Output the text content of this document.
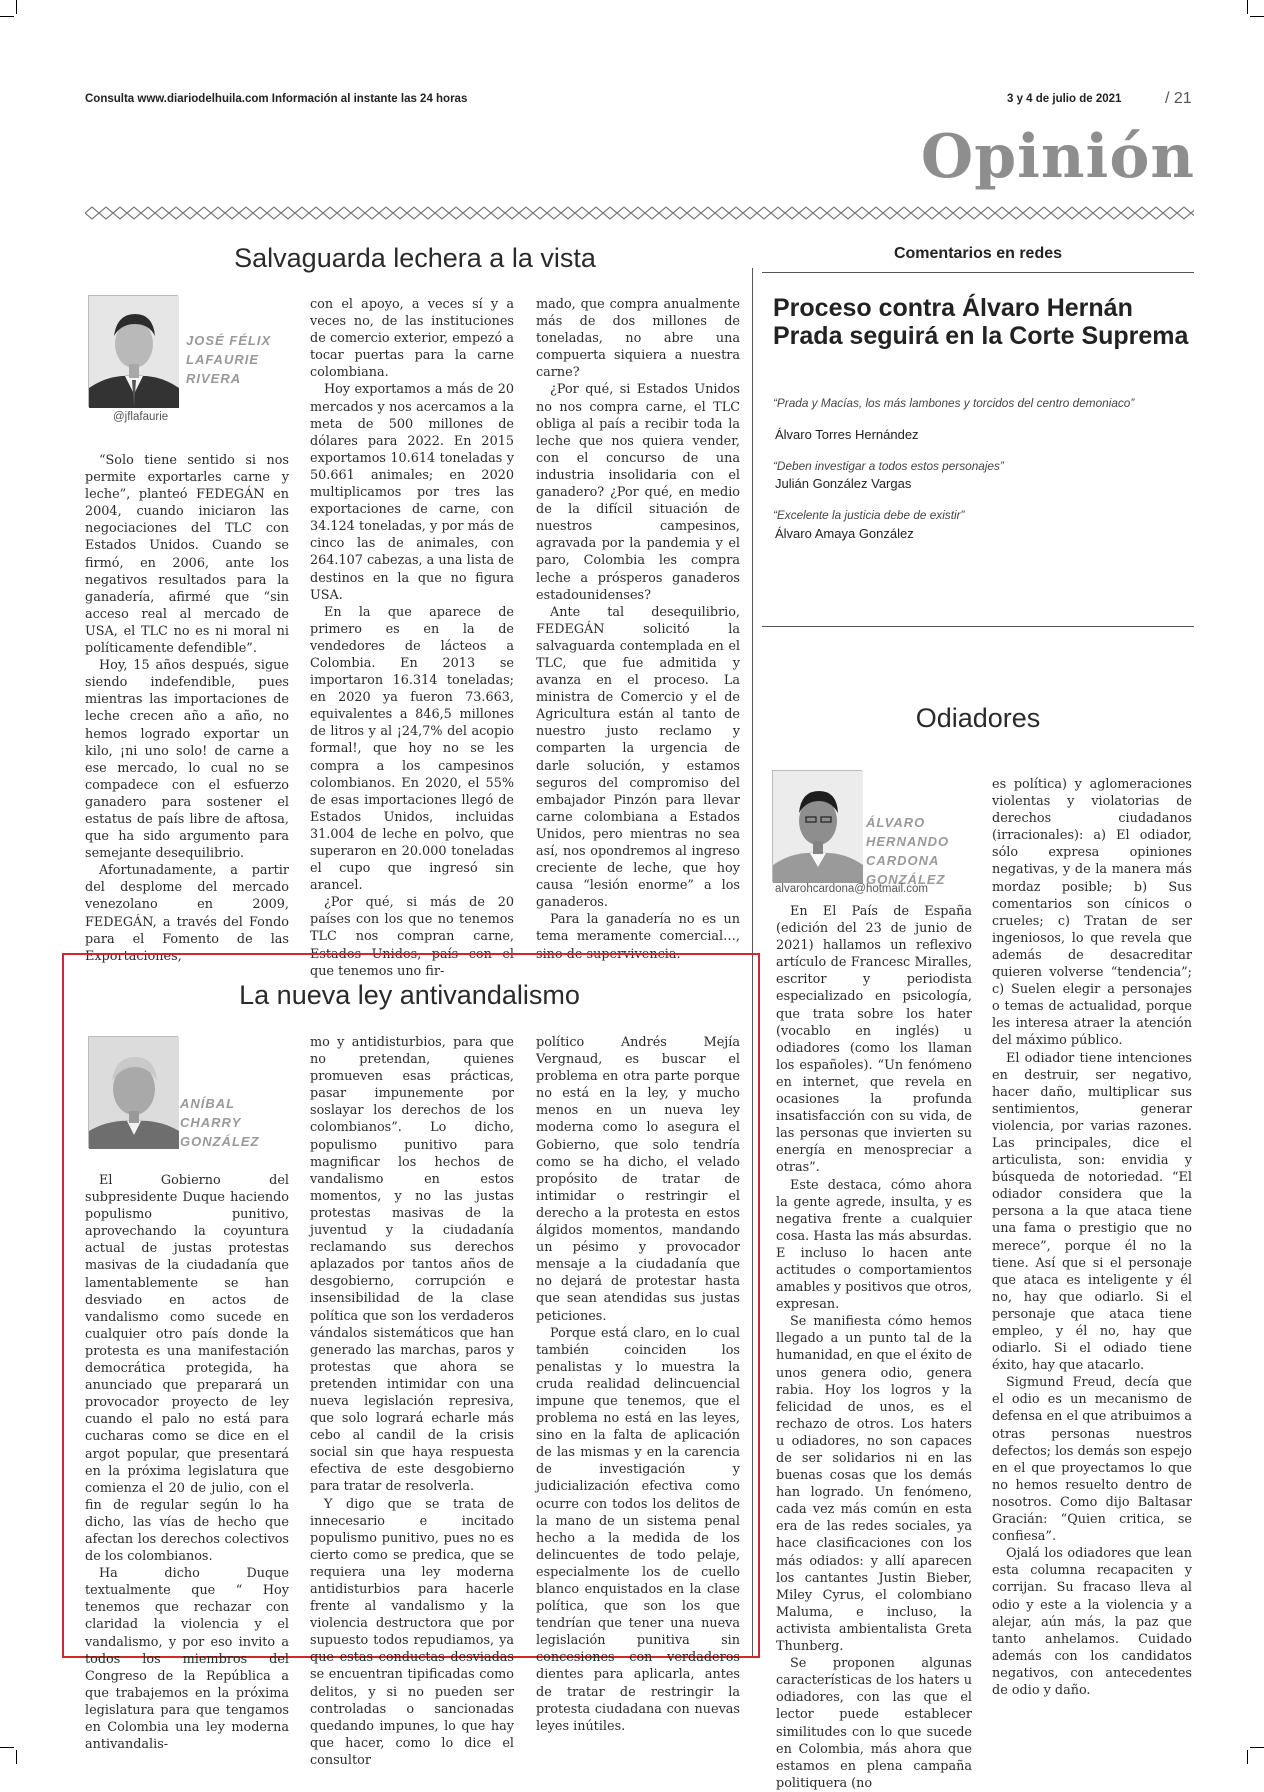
Consulta www.diariodelhuila.com Información al instante las 24 horas	3 y 4 de julio de 2021	/ 21
Opinión
Salvaguarda lechera a la vista
JOSÉ FÉLIX
LAFAURIE
RIVERA
@jflafaurie

“Solo tiene sentido si nos permite exportarles carne y leche”, planteó FEDEGÁN en 2004, cuando iniciaron las negociaciones del TLC con Estados Unidos. Cuando se firmó, en 2006, ante los negativos resultados para la ganadería, afirmé que “sin acceso real al mercado de USA, el TLC no es ni moral ni políticamente defendible”.

Hoy, 15 años después, sigue siendo indefendible, pues mientras las importaciones de leche crecen año a año, no hemos logrado exportar un kilo, ¡ni uno solo! de carne a ese mercado, lo cual no se compadece con el esfuerzo ganadero para sostener el estatus de país libre de aftosa, que ha sido argumento para semejante desequilibrio.

Afortunadamente, a partir del desplome del mercado venezolano en 2009, FEDEGÁN, a través del Fondo para el Fomento de las Exportaciones,

con el apoyo, a veces sí y a veces no, de las instituciones de comercio exterior, empezó a tocar puertas para la carne colombiana.

Hoy exportamos a más de 20 mercados y nos acercamos a la meta de 500 millones de dólares para 2022. En 2015 exportamos 10.614 toneladas y 50.661 animales; en 2020 multiplicamos por tres las exportaciones de carne, con 34.124 toneladas, y por más de cinco las de animales, con 264.107 cabezas, a una lista de destinos en la que no figura USA.

En la que aparece de primero es en la de vendedores de lácteos a Colombia. En 2013 se importaron 16.314 toneladas; en 2020 ya fueron 73.663, equivalentes a 846,5 millones de litros y al ¡24,7% del acopio formal!, que hoy no se les compra a los campesinos colombianos. En 2020, el 55% de esas importaciones llegó de Estados Unidos, incluidas 31.004 de leche en polvo, que superaron en 20.000 toneladas el cupo que ingresó sin arancel.

¿Por qué, si más de 20 países con los que no tenemos TLC nos compran carne, Estados Unidos, país con el que tenemos uno fir-

mado, que compra anualmente más de dos millones de toneladas, no abre una compuerta siquiera a nuestra carne?

¿Por qué, si Estados Unidos no nos compra carne, el TLC obliga al país a recibir toda la leche que nos quiera vender, con el concurso de una industria insolidaria con el ganadero? ¿Por qué, en medio de la difícil situación de nuestros campesinos, agravada por la pandemia y el paro, Colombia les compra leche a prósperos ganaderos estadounidenses?

Ante tal desequilibrio, FEDEGÁN solicitó la salvaguarda contemplada en el TLC, que fue admitida y avanza en el proceso. La ministra de Comercio y el de Agricultura están al tanto de nuestro justo reclamo y comparten la urgencia de darle solución, y estamos seguros del compromiso del embajador Pinzón para llevar carne colombiana a Estados Unidos, pero mientras no sea así, nos opondremos al ingreso creciente de leche, que hoy causa “lesión enorme” a los ganaderos.

Para la ganadería no es un tema meramente comercial…, sino de supervivencia.

Comentarios en redes
Proceso contra Álvaro Hernán Prada seguirá en la Corte Suprema
“Prada y Macías, los más lambones y torcidos del centro demoniaco”
Álvaro Torres Hernández
“Deben investigar a todos estos personajes”
Julián González Vargas
“Excelente la justicia debe de existir”
Álvaro Amaya González
Odiadores
ÁLVARO
HERNANDO
CARDONA
GONZÁLEZ
alvarohcardona@hotmail.com

En El País de España (edición del 23 de junio de 2021) hallamos un reflexivo artículo de Francesc Miralles, escritor y periodista especializado en psicología, que trata sobre los hater (vocablo en inglés) u odiadores (como los llaman los españoles). “Un fenómeno en internet, que revela en ocasiones la profunda insatisfacción con su vida, de las personas que invierten su energía en menospreciar a otras”.

Este destaca, cómo ahora la gente agrede, insulta, y es negativa frente a cualquier cosa. Hasta las más absurdas. E incluso lo hacen ante actitudes o comportamientos amables y positivos que otros, expresan.

Se manifiesta cómo hemos llegado a un punto tal de la humanidad, en que el éxito de unos genera odio, genera rabia. Hoy los logros y la felicidad de unos, es el rechazo de otros. Los haters u odiadores, no son capaces de ser solidarios ni en las buenas cosas que los demás han logrado. Un fenómeno, cada vez más común en esta era de las redes sociales, ya hace clasificaciones con los más odiados: y allí aparecen los cantantes Justin Bieber, Miley Cyrus, el colombiano Maluma, e incluso, la activista ambientalista Greta Thunberg.

Se proponen algunas características de los haters u odiadores, con las que el lector puede establecer similitudes con lo que sucede en Colombia, más ahora que estamos en plena campaña politiquera (no

es política) y aglomeraciones violentas y violatorias de derechos ciudadanos (irracionales): a) El odiador, sólo expresa opiniones negativas, y de la manera más mordaz posible; b) Sus comentarios son cínicos o crueles; c) Tratan de ser ingeniosos, lo que revela que además de desacreditar quieren volverse “tendencia”; c) Suelen elegir a personajes o temas de actualidad, porque les interesa atraer la atención del máximo público.

El odiador tiene intenciones en destruir, ser negativo, hacer daño, multiplicar sus sentimientos, generar violencia, por varias razones. Las principales, dice el articulista, son: envidia y búsqueda de notoriedad. “El odiador considera que la persona a la que ataca tiene una fama o prestigio que no merece”, porque él no la tiene. Así que si el personaje que ataca es inteligente y él no, hay que odiarlo. Si el personaje que ataca tiene empleo, y él no, hay que odiarlo. Si el odiado tiene éxito, hay que atacarlo.

Sigmund Freud, decía que el odio es un mecanismo de defensa en el que atribuimos a otras personas nuestros defectos; los demás son espejo en el que proyectamos lo que no hemos resuelto dentro de nosotros. Como dijo Baltasar Gracián: “Quien critica, se confiesa”.

Ojalá los odiadores que lean esta columna recapaciten y corrijan. Su fracaso lleva al odio y este a la violencia y a alejar, aún más, la paz que tanto anhelamos. Cuidado además con los candidatos negativos, con antecedentes de odio y daño.

La nueva ley antivandalismo
ANÍBAL
CHARRY
GONZÁLEZ

El Gobierno del subpresidente Duque haciendo populismo punitivo, aprovechando la coyuntura actual de justas protestas masivas de la ciudadanía que lamentablemente se han desviado en actos de vandalismo como sucede en cualquier otro país donde la protesta es una manifestación democrática protegida, ha anunciado que preparará un provocador proyecto de ley cuando el palo no está para cucharas como se dice en el argot popular, que presentará en la próxima legislatura que comienza el 20 de julio, con el fin de regular según lo ha dicho, las vías de hecho que afectan los derechos colectivos de los colombianos.

Ha dicho Duque textualmente que “ Hoy tenemos que rechazar con claridad la violencia y el vandalismo, y por eso invito a todos los miembros del Congreso de la República a que trabajemos en la próxima legislatura para que tengamos en Colombia una ley moderna antivandalis-

mo y antidisturbios, para que no pretendan, quienes promueven esas prácticas, pasar impunemente por soslayar los derechos de los colombianos”. Lo dicho, populismo punitivo para magnificar los hechos de vandalismo en estos momentos, y no las justas protestas masivas de la juventud y la ciudadanía reclamando sus derechos aplazados por tantos años de desgobierno, corrupción e insensibilidad de la clase política que son los verdaderos vándalos sistemáticos que han generado las marchas, paros y protestas que ahora se pretenden intimidar con una nueva legislación represiva, que solo logrará echarle más cebo al candil de la crisis social sin que haya respuesta efectiva de este desgobierno para tratar de resolverla.

Y digo que se trata de innecesario e incitado populismo punitivo, pues no es cierto como se predica, que se requiera una ley moderna antidisturbios para hacerle frente al vandalismo y la violencia destructora que por supuesto todos repudiamos, ya que estas conductas desviadas se encuentran tipificadas como delitos, y si no pueden ser controladas o sancionadas quedando impunes, lo que hay que hacer, como lo dice el consultor

político Andrés Mejía Vergnaud, es buscar el problema en otra parte porque no está en la ley, y mucho menos en un nueva ley moderna como lo asegura el Gobierno, que solo tendría como se ha dicho, el velado propósito de tratar de intimidar o restringir el derecho a la protesta en estos álgidos momentos, mandando un pésimo y provocador mensaje a la ciudadanía que no dejará de protestar hasta que sean atendidas sus justas peticiones.

Porque está claro, en lo cual también coinciden los penalistas y lo muestra la cruda realidad delincuencial impune que tenemos, que el problema no está en las leyes, sino en la falta de aplicación de las mismas y en la carencia de investigación y judicialización efectiva como ocurre con todos los delitos de la mano de un sistema penal hecho a la medida de los delincuentes de todo pelaje, especialmente los de cuello blanco enquistados en la clase política, que son los que tendrían que tener una nueva legislación punitiva sin concesiones con verdaderos dientes para aplicarla, antes de tratar de restringir la protesta ciudadana con nuevas leyes inútiles.
